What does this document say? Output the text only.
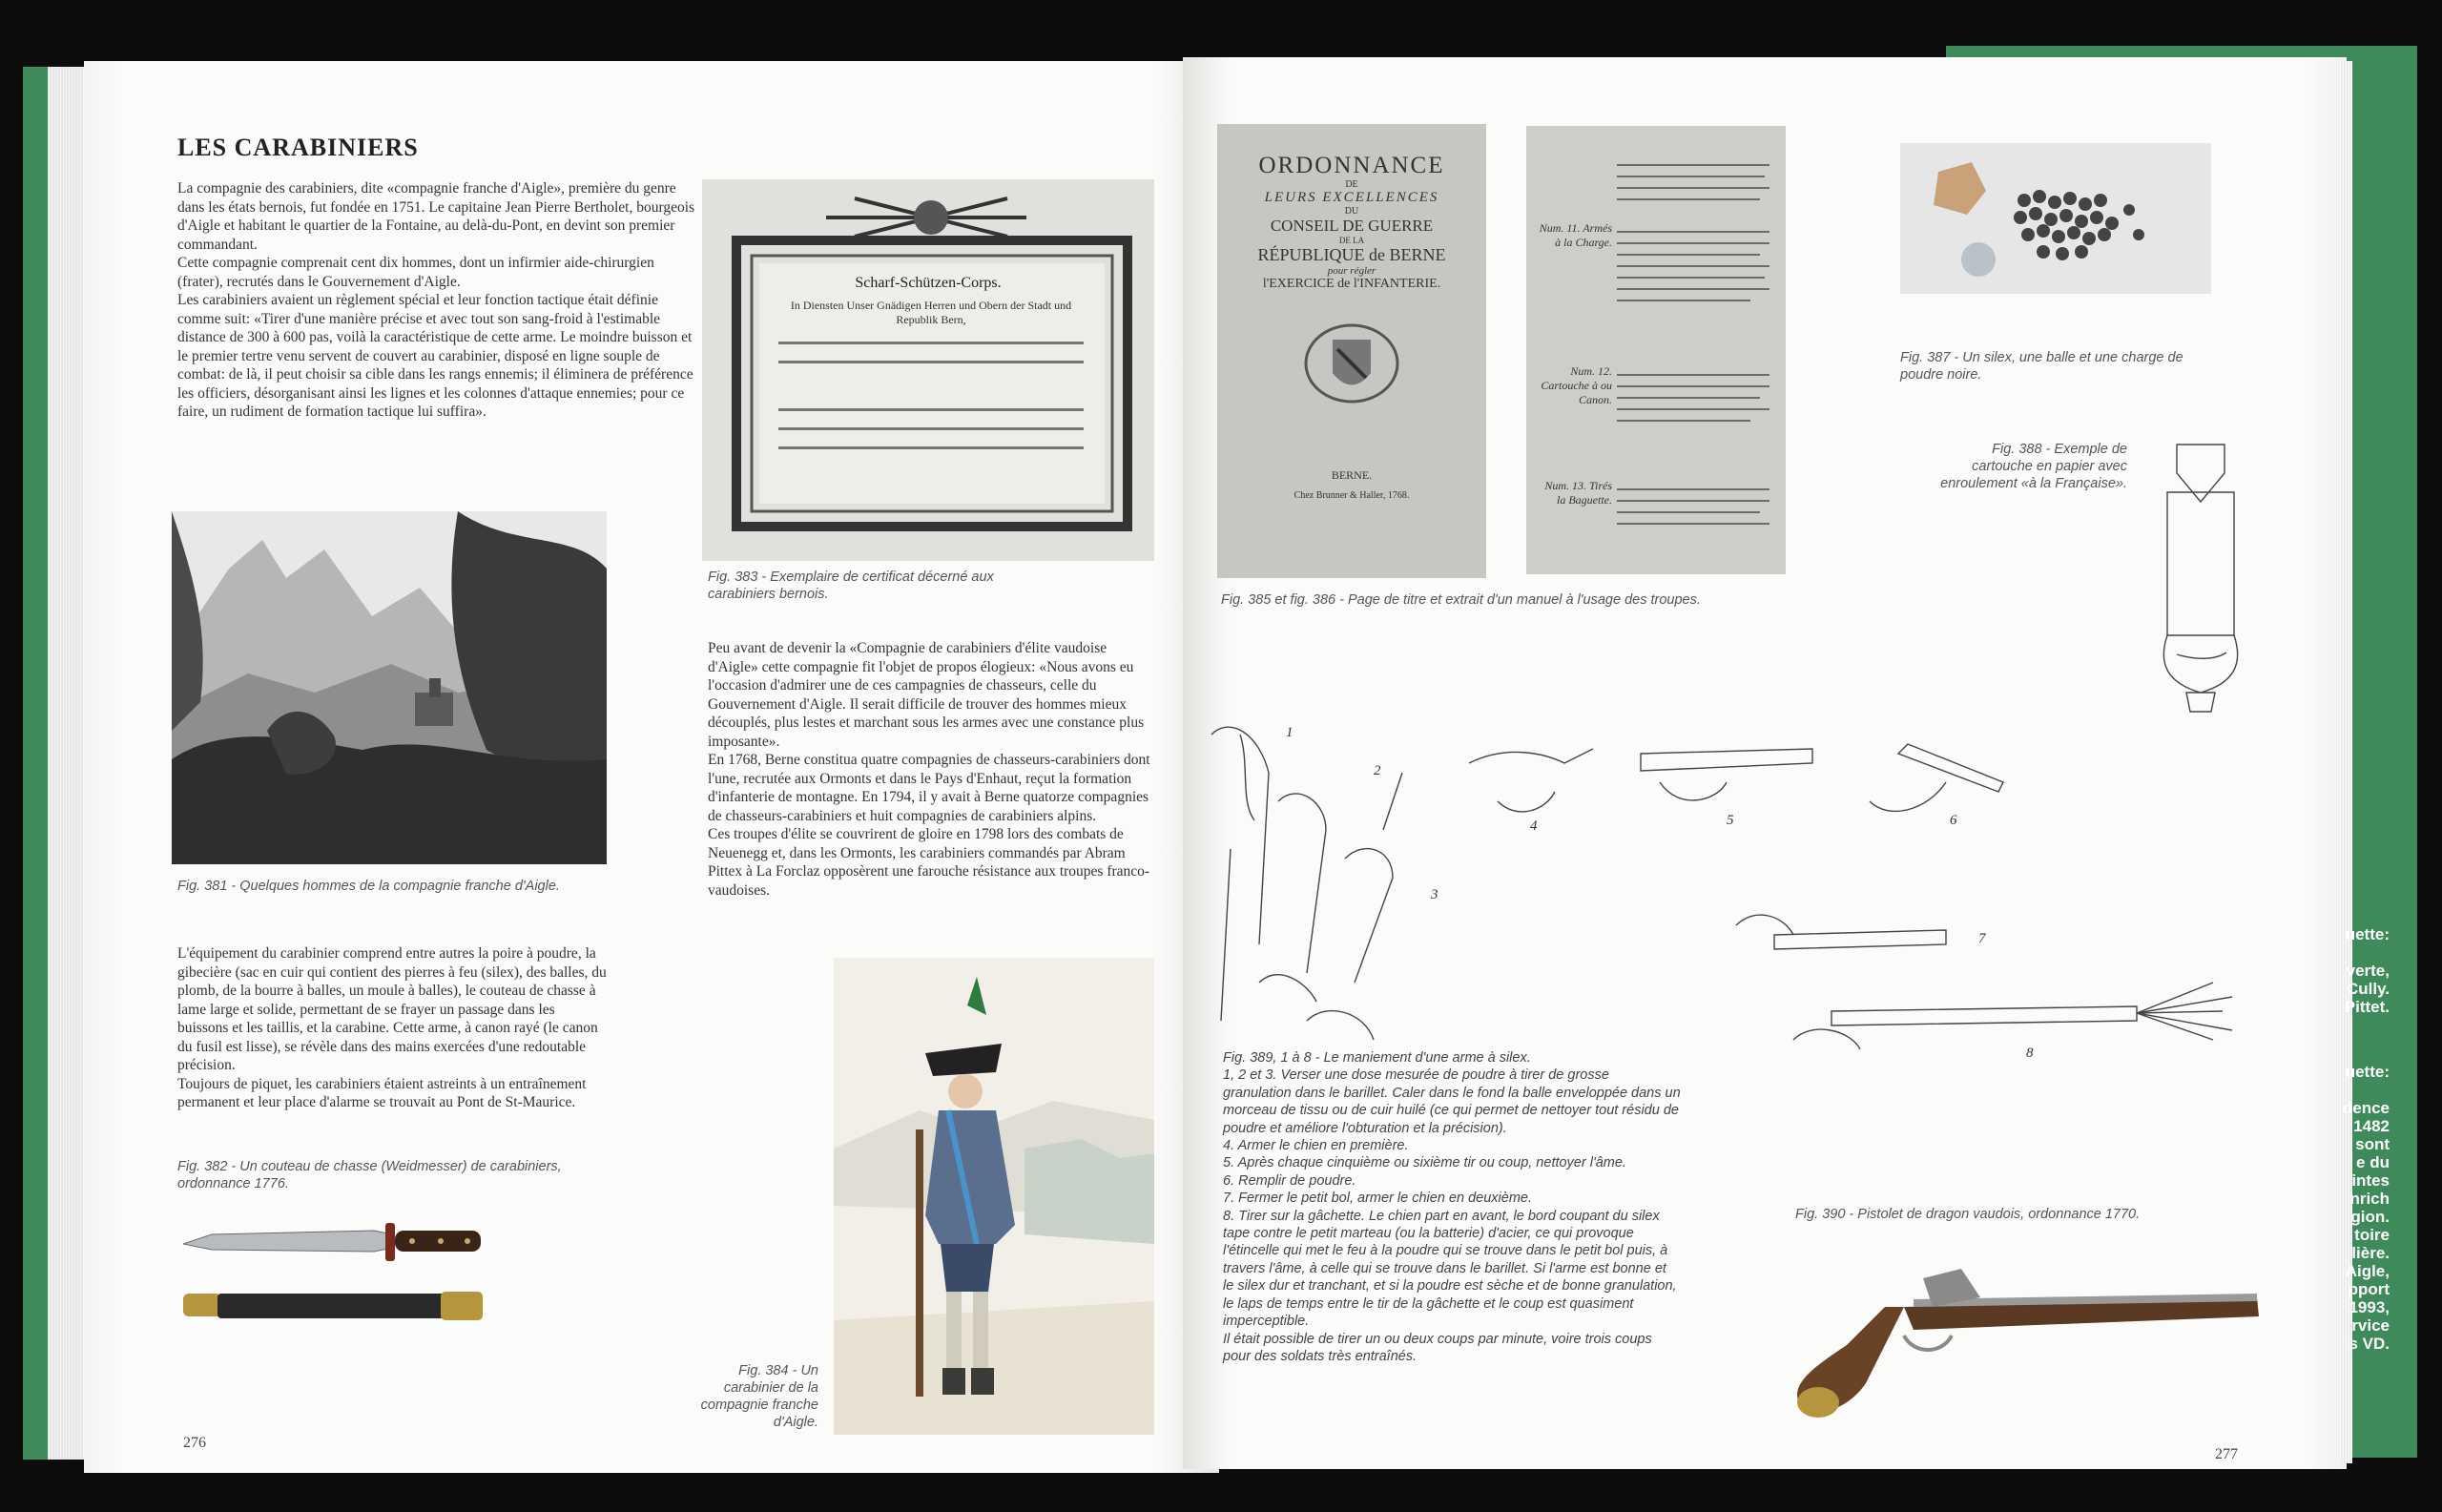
LES CARABINIERS

La compagnie des carabiniers, dite «compagnie franche d'Aigle», première du genre dans les états bernois, fut fondée en 1751. Le capitaine Jean Pierre Bertholet, bourgeois d'Aigle et habitant le quartier de la Fontaine, au delà-du-Pont, en devint son premier commandant.

Cette compagnie comprenait cent dix hommes, dont un infirmier aide-chirurgien (frater), recrutés dans le Gouvernement d'Aigle.

Les carabiniers avaient un règlement spécial et leur fonction tactique était définie comme suit: «Tirer d'une manière précise et avec tout son sang-froid à l'estimable distance de 300 à 600 pas, voilà la caractéristique de cette arme. Le moindre buisson et le premier tertre venu servent de couvert au carabinier, disposé en ligne souple de combat: de là, il peut choisir sa cible dans les rangs ennemis; il éliminera de préférence les officiers, désorganisant ainsi les lignes et les colonnes d'attaque ennemies; pour ce faire, un rudiment de formation tactique lui suffira».

Fig. 381 - Quelques hommes de la compagnie franche d'Aigle.

L'équipement du carabinier comprend entre autres la poire à poudre, la gibecière (sac en cuir qui contient des pierres à feu (silex), des balles, du plomb, de la bourre à balles, un moule à balles), le couteau de chasse à lame large et solide, permettant de se frayer un passage dans les buissons et les taillis, et la carabine. Cette arme, à canon rayé (le canon du fusil est lisse), se révèle dans des mains exercées d'une redoutable précision.

Toujours de piquet, les carabiniers étaient astreints à un entraînement permanent et leur place d'alarme se trouvait au Pont de St-Maurice.

Fig. 382 - Un couteau de chasse (Weidmesser) de carabiniers, ordonnance 1776.
Scharf-Schützen-Corps.
In Diensten Unser Gnädigen Herren und Obern der Stadt und Republik Bern,
Fig. 383 - Exemplaire de certificat décerné aux carabiniers bernois.

Peu avant de devenir la «Compagnie de carabiniers d'élite vaudoise d'Aigle» cette compagnie fit l'objet de propos élogieux: «Nous avons eu l'occasion d'admirer une de ces campagnies de chasseurs, celle du Gouvernement d'Aigle. Il serait difficile de trouver des hommes mieux découplés, plus lestes et marchant sous les armes avec une constance plus imposante».

En 1768, Berne constitua quatre compagnies de chasseurs-carabiniers dont l'une, recrutée aux Ormonts et dans le Pays d'Enhaut, reçut la formation d'infanterie de montagne. En 1794, il y avait à Berne quatorze compagnies de chasseurs-carabiniers et huit compagnies de carabiniers alpins.

Ces troupes d'élite se couvrirent de gloire en 1798 lors des combats de Neuenegg et, dans les Ormonts, les carabiniers commandés par Abram Pittex à La Forclaz opposèrent une farouche résistance aux troupes franco-vaudoises.

Fig. 384 - Un carabinier de la compagnie franche d'Aigle.
276
ORDONNANCE
DE
LEURS EXCELLENCES
DU
CONSEIL DE GUERRE
DE LA
RÉPUBLIQUE de BERNE
pour régler
l'EXERCICE de l'INFANTERIE.
BERNE.
Chez Brunner & Haller, 1768.
Num. 11. Armés à la Charge.
Num. 12. Cartouche à ou Canon.
Num. 13. Tirés la Baguette.
Fig. 385 et fig. 386 - Page de titre et extrait d'un manuel à l'usage des troupes.
Fig. 387 - Un silex, une balle et une charge de poudre noire.
Fig. 388 - Exemple de cartouche en papier avec enroulement «à la Française».
1
2
3
4	5	6
7
8
Fig. 389, 1 à 8 - Le maniement d'une arme à silex.
1, 2 et 3. Verser une dose mesurée de poudre à tirer de grosse granulation dans le barillet. Caler dans le fond la balle enveloppée dans un morceau de tissu ou de cuir huilé (ce qui permet de nettoyer tout résidu de poudre et améliore l'obturation et la précision).
4. Armer le chien en première.
5. Après chaque cinquième ou sixième tir ou coup, nettoyer l'âme.
6. Remplir de poudre.
7. Fermer le petit bol, armer le chien en deuxième.
8. Tirer sur la gâchette. Le chien part en avant, le bord coupant du silex tape contre le petit marteau (ou la batterie) d'acier, ce qui provoque l'étincelle qui met le feu à la poudre qui se trouve dans le petit bol puis, à travers l'âme, à celle qui se trouve dans le barillet. Si l'arme est bonne et le silex dur et tranchant, et si la poudre est sèche et de bonne granulation, le laps de temps entre le tir de la gâchette et le coup est quasiment imperceptible.
Il était possible de tirer un ou deux coups par minute, voire trois coups pour des soldats très entraînés.
Fig. 390 - Pistolet de dragon vaudois, ordonnance 1770.
277
uette:

verte,
Cully.
Pittet.
uette:

dence
1482
sont
e du
intes
nrich
gion.
toire
lière.
Aigle,
pport
1993,
rvice
s VD.
